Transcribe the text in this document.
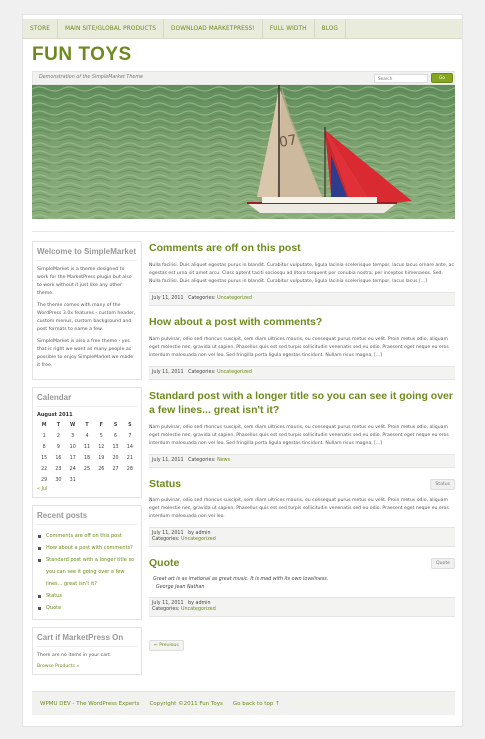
STORE	MAIN SITE/GLOBAL PRODUCTS	DOWNLOAD MARKETPRESS!	FULL WIDTH	BLOG
FUN TOYS
Demonstration of the SimpleMarket Theme
Search	Go
07
Welcome to SimpleMarket

SimpleMarket is a theme designed to work for the MarketPress plugin but also to work without it just like any other theme.

The theme comes with many of the WordPress 3.0x features - custom header, custom menus, custom background and post formats to name a few.

SimpleMarket is also a free theme - yes that is right we want as many people as possible to enjoy SimpleMarket we made it free.

Calendar
August 2011
M	T	W	T	F	S	S
1	2	3	4	5	6	7
8	9	10	11	12	13	14
15	16	17	18	19	20	21
22	23	24	25	26	27	28
29	30	31				
« Jul
Recent posts
Comments are off on this post
How about a post with comments?
Standard post with a longer title so you can see it going over a few lines... great isn't it?
Status
Quote
Cart if MarketPress On

There are no items in your cart.

Browse Products »
Comments are off on this post
Nulla facilisi. Duis aliquet egestas purus in blandit. Curabitur vulputate, ligula lacinia scelerisque tempor, lacus lacus ornare ante, ac egestas est urna sit amet arcu. Class aptent taciti sociosqu ad litora torquent per conubia nostra, per inceptos himenaeos. Sed. Nulla facilisi. Duis aliquet egestas purus in blandit. Curabitur vulputate, ligula lacinia scelerisque tempor, lacus lacus [...]
July 11, 2011 Categories: Uncategorized
How about a post with comments?
Nam pulvinar, odio sed rhoncus suscipit, sem diam ultrices mauris, eu consequat purus metus eu velit. Proin metus odio, aliquam eget molestie nec, gravida ut sapien. Phasellus quis est sed turpis sollicitudin venenatis sed eu odio. Praesent eget neque eu eros interdum malesuada non vel leo. Sed fringilla porta ligula egestas tincidunt. Nullam risus magna, [...]
July 11, 2011 Categories: Uncategorized
Standard post with a longer title so you can see it going over a few lines... great isn't it?
Nam pulvinar, odio sed rhoncus suscipit, sem diam ultrices mauris, eu consequat purus metus eu velit. Proin metus odio, aliquam eget molestie nec, gravida ut sapien. Phasellus quis est sed turpis sollicitudin venenatis sed eu odio. Praesent eget neque eu eros interdum malesuada non vel leo. Sed fringilla porta ligula egestas tincidunt. Nullam risus magna, [...]
July 11, 2011 Categories: News
Status	Status
Nam pulvinar, odio sed rhoncus suscipit, sem diam ultrices mauris, eu consequat purus metus eu velit. Proin metus odio, aliquam eget molestie nec, gravida ut sapien. Phasellus quis est sed turpis sollicitudin venenatis sed eu odio. Praesent eget neque eu eros interdum malesuada non vel leo.
July 11, 2011 by admin
Categories: Uncategorized
Quote	Quote
Great art is as irrational as great music. It is mad with its own loveliness.
George Jean Nathan
July 11, 2011 by admin
Categories: Uncategorized
← Previous
WPMU DEV - The WordPress Experts Copyright ©2011 Fun Toys Go back to top ↑
